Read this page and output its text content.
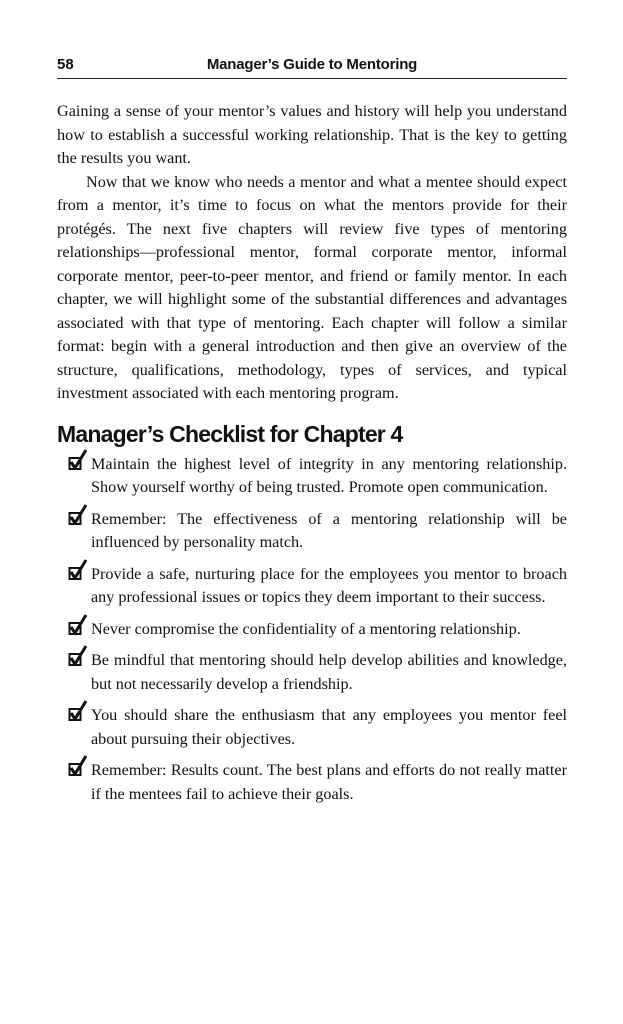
58	Manager’s Guide to Mentoring

Gaining a sense of your mentor’s values and history will help you understand how to establish a successful working relationship. That is the key to getting the results you want.

Now that we know who needs a mentor and what a mentee should expect from a mentor, it’s time to focus on what the mentors provide for their protégés. The next five chapters will review five types of mentoring relationships—professional mentor, formal corporate mentor, informal corporate mentor, peer-to-peer mentor, and friend or family mentor. In each chapter, we will highlight some of the substantial differences and advantages associated with that type of mentoring. Each chapter will follow a similar format: begin with a general introduction and then give an overview of the structure, qualifications, methodology, types of services, and typical investment associated with each mentoring program.

Manager’s Checklist for Chapter 4
Maintain the highest level of integrity in any mentoring relationship. Show yourself worthy of being trusted. Promote open communication.
Remember: The effectiveness of a mentoring relationship will be influenced by personality match.
Provide a safe, nurturing place for the employees you mentor to broach any professional issues or topics they deem important to their success.
Never compromise the confidentiality of a mentoring relationship.
Be mindful that mentoring should help develop abilities and knowledge, but not necessarily develop a friendship.
You should share the enthusiasm that any employees you mentor feel about pursuing their objectives.
Remember: Results count. The best plans and efforts do not really matter if the mentees fail to achieve their goals.
